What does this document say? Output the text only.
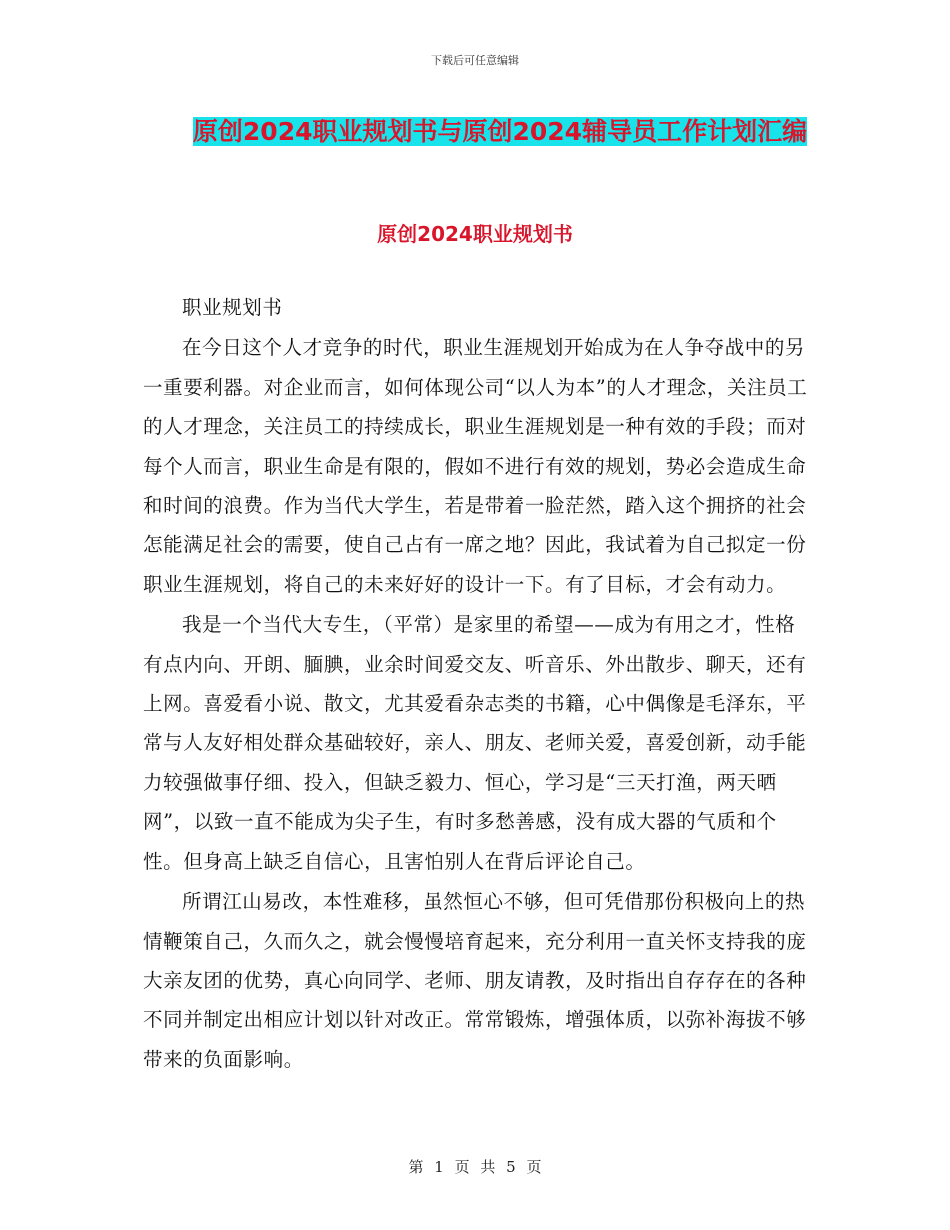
下载后可任意编辑
原创2024职业规划书与原创2024辅导员工作计划汇编
原创2024职业规划书

职业规划书

在今日这个人才竞争的时代，职业生涯规划开始成为在人争夺战中的另一重要利器。对企业而言，如何体现公司“以人为本”的人才理念，关注员工的人才理念，关注员工的持续成长，职业生涯规划是一种有效的手段；而对每个人而言，职业生命是有限的，假如不进行有效的规划，势必会造成生命和时间的浪费。作为当代大学生，若是带着一脸茫然，踏入这个拥挤的社会怎能满足社会的需要，使自己占有一席之地？因此，我试着为自己拟定一份职业生涯规划，将自己的未来好好的设计一下。有了目标，才会有动力。

我是一个当代大专生，（平常）是家里的希望——成为有用之才，性格有点内向、开朗、腼腆，业余时间爱交友、听音乐、外出散步、聊天，还有上网。喜爱看小说、散文，尤其爱看杂志类的书籍，心中偶像是毛泽东，平常与人友好相处群众基础较好，亲人、朋友、老师关爱，喜爱创新，动手能力较强做事仔细、投入，但缺乏毅力、恒心，学习是“三天打渔，两天晒网”，以致一直不能成为尖子生，有时多愁善感，没有成大器的气质和个性。但身高上缺乏自信心，且害怕别人在背后评论自己。

所谓江山易改，本性难移，虽然恒心不够，但可凭借那份积极向上的热情鞭策自己，久而久之，就会慢慢培育起来，充分利用一直关怀支持我的庞大亲友团的优势，真心向同学、老师、朋友请教，及时指出自存存在的各种不同并制定出相应计划以针对改正。常常锻炼，增强体质，以弥补海拔不够带来的负面影响。

第 1 页 共 5 页
